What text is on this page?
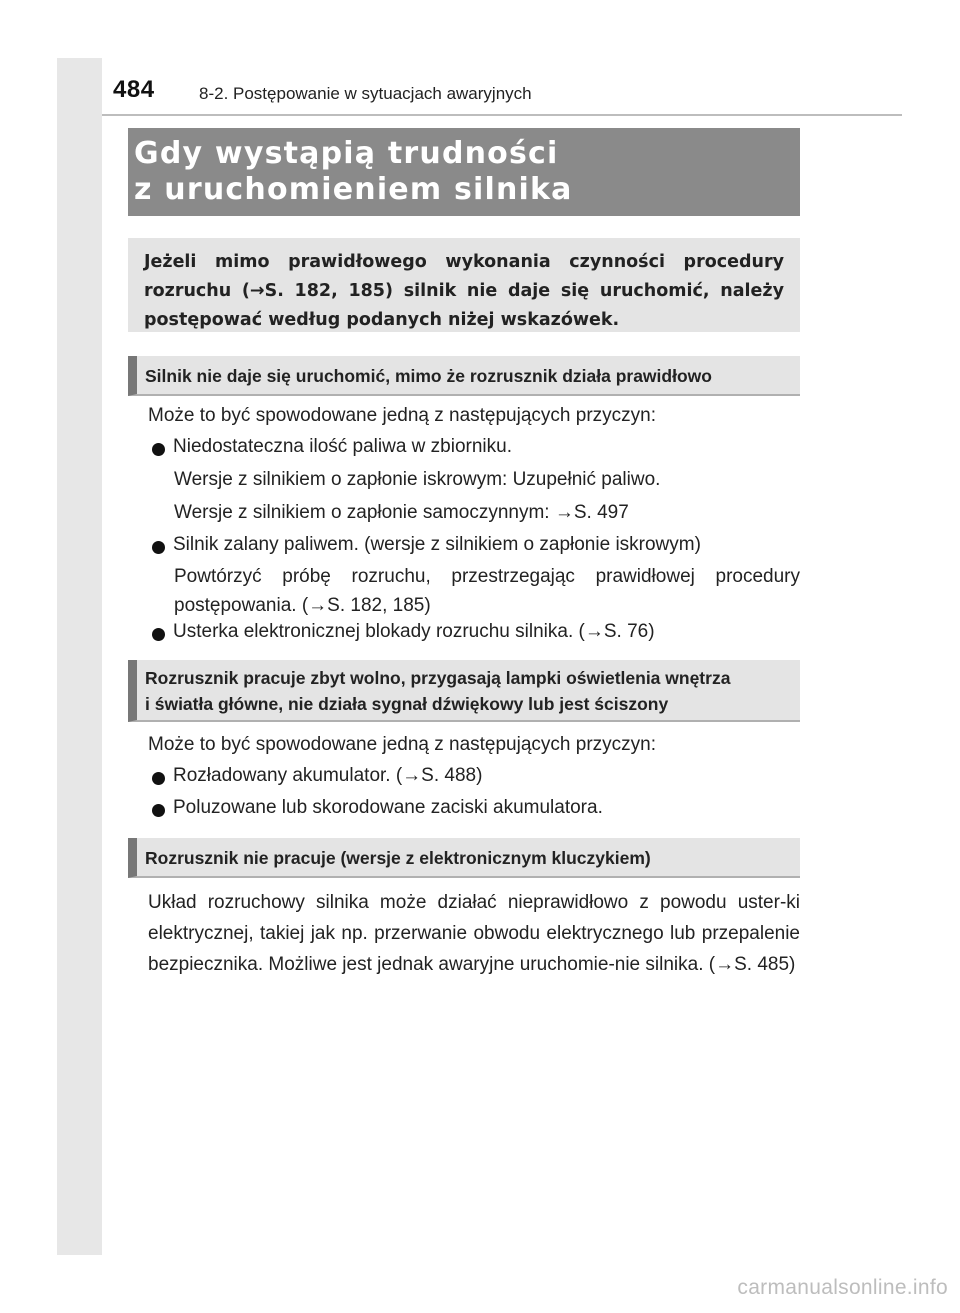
484	8-2. Postępowanie w sytuacjach awaryjnych
Gdy wystąpią trudności
z uruchomieniem silnika
Jeżeli mimo prawidłowego wykonania czynności procedury rozruchu (→S. 182, 185) silnik nie daje się uruchomić, należy postępować według podanych niżej wskazówek.
Silnik nie daje się uruchomić, mimo że rozrusznik działa prawidłowo
Może to być spowodowane jedną z następujących przyczyn:
Niedostateczna ilość paliwa w zbiorniku.
Wersje z silnikiem o zapłonie iskrowym: Uzupełnić paliwo.
Wersje z silnikiem o zapłonie samoczynnym: →S. 497
Silnik zalany paliwem. (wersje z silnikiem o zapłonie iskrowym)
Powtórzyć próbę rozruchu, przestrzegając prawidłowej procedury
postępowania. (→S. 182, 185)
Usterka elektronicznej blokady rozruchu silnika. (→S. 76)
Rozrusznik pracuje zbyt wolno, przygasają lampki oświetlenia wnętrza
i światła główne, nie działa sygnał dźwiękowy lub jest ściszony
Może to być spowodowane jedną z następujących przyczyn:
Rozładowany akumulator. (→S. 488)
Poluzowane lub skorodowane zaciski akumulatora.
Rozrusznik nie pracuje (wersje z elektronicznym kluczykiem)
Układ rozruchowy silnika może działać nieprawidłowo z powodu uster-ki elektrycznej, takiej jak np. przerwanie obwodu elektrycznego lub przepalenie bezpiecznika. Możliwe jest jednak awaryjne uruchomie-nie silnika. (→S. 485)
carmanualsonline.info
